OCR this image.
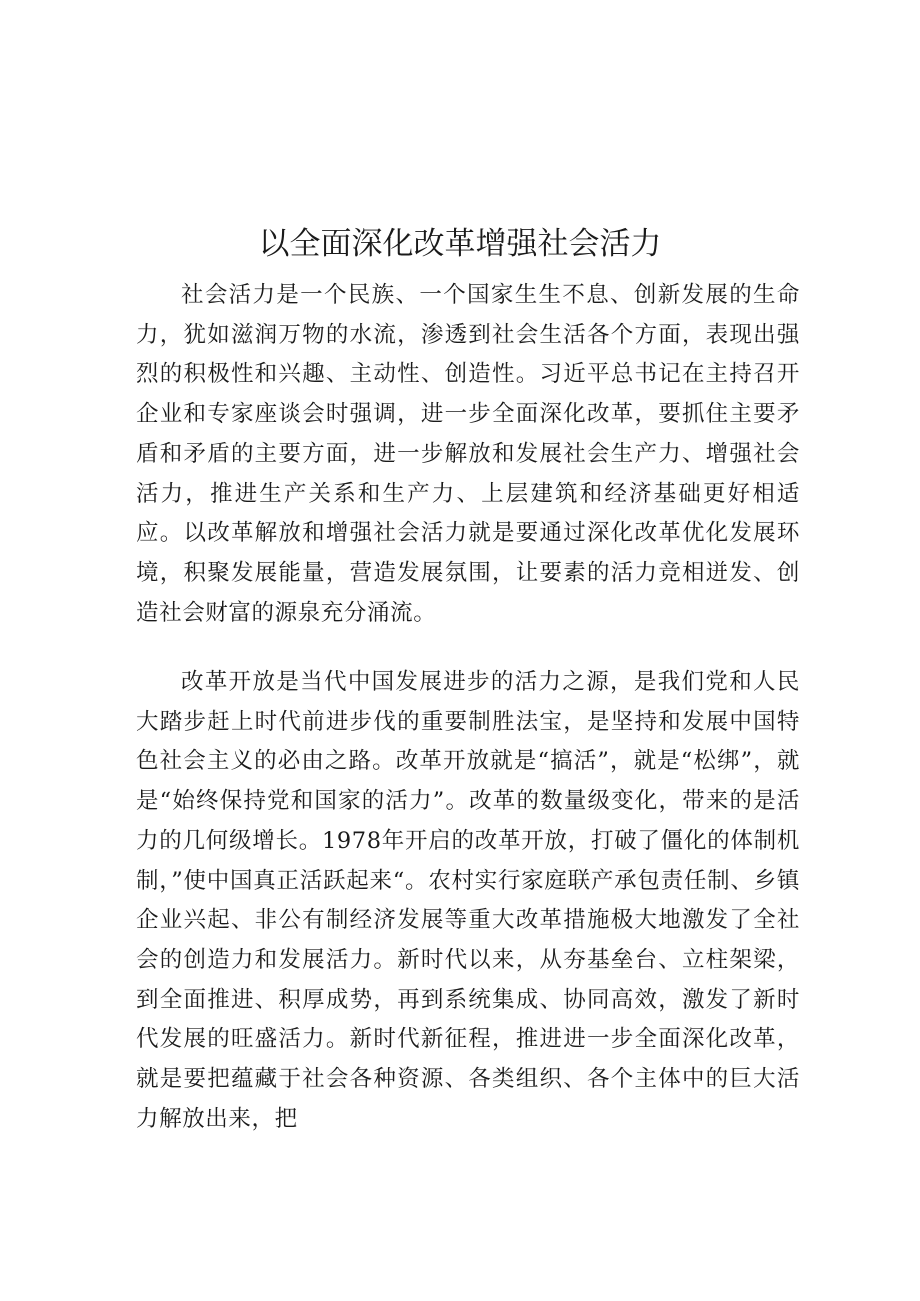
以全面深化改革增强社会活力

社会活力是一个民族、一个国家生生不息、创新发展的生命力，犹如滋润万物的水流，渗透到社会生活各个方面，表现出强烈的积极性和兴趣、主动性、创造性。习近平总书记在主持召开企业和专家座谈会时强调，进一步全面深化改革，要抓住主要矛盾和矛盾的主要方面，进一步解放和发展社会生产力、增强社会活力，推进生产关系和生产力、上层建筑和经济基础更好相适应。以改革解放和增强社会活力就是要通过深化改革优化发展环境，积聚发展能量，营造发展氛围，让要素的活力竞相迸发、创造社会财富的源泉充分涌流。

改革开放是当代中国发展进步的活力之源，是我们党和人民大踏步赶上时代前进步伐的重要制胜法宝，是坚持和发展中国特色社会主义的必由之路。改革开放就是“搞活”，就是“松绑”，就是“始终保持党和国家的活力”。改革的数量级变化，带来的是活力的几何级增长。1978年开启的改革开放，打破了僵化的体制机制，”使中国真正活跃起来“。农村实行家庭联产承包责任制、乡镇企业兴起、非公有制经济发展等重大改革措施极大地激发了全社会的创造力和发展活力。新时代以来，从夯基垒台、立柱架梁，到全面推进、积厚成势，再到系统集成、协同高效，激发了新时代发展的旺盛活力。新时代新征程，推进进一步全面深化改革，就是要把蕴藏于社会各种资源、各类组织、各个主体中的巨大活力解放出来，把
